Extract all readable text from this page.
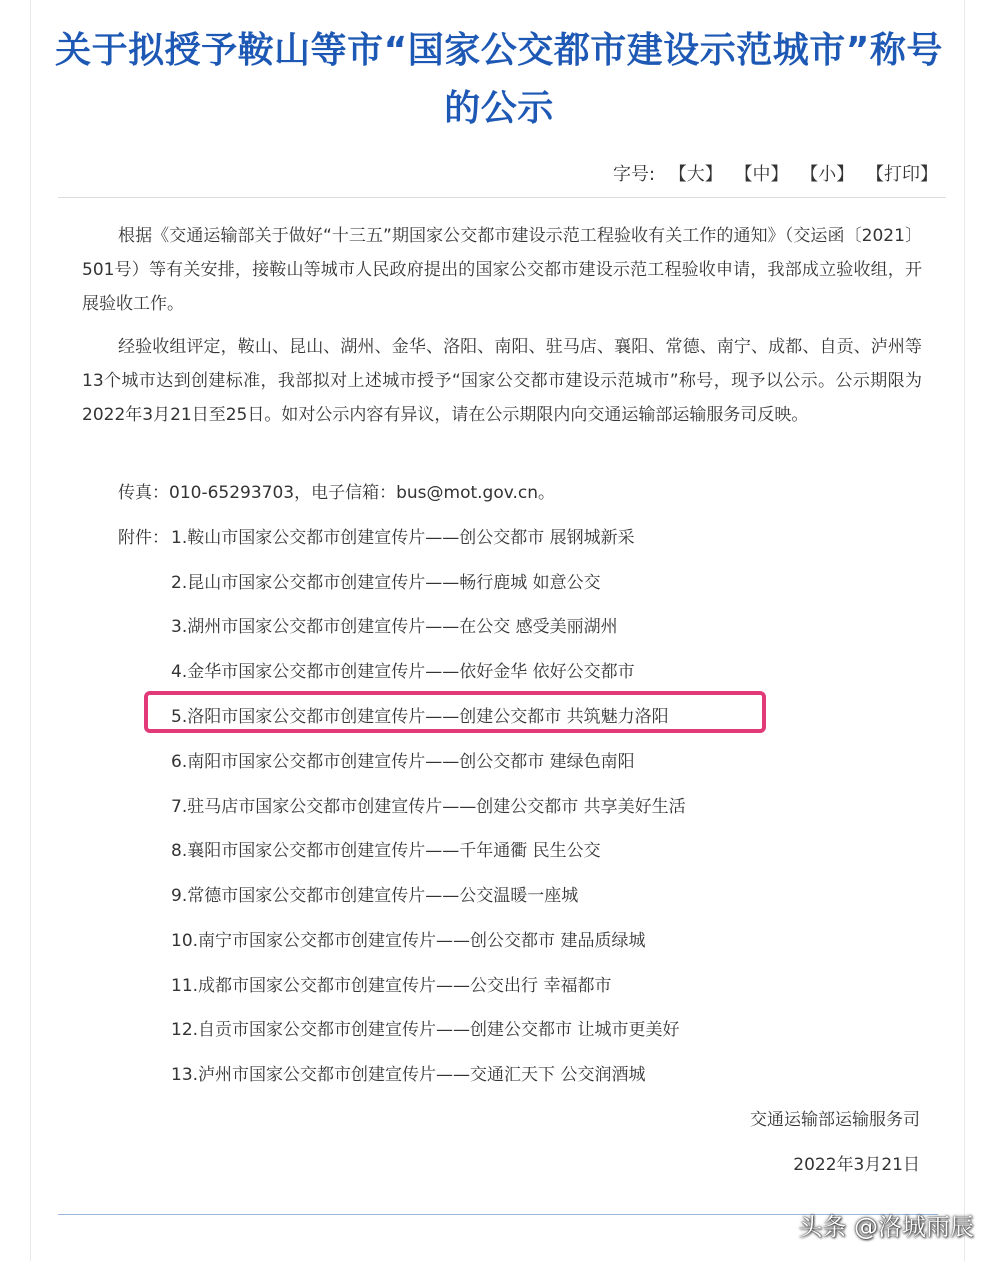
关于拟授予鞍山等市“国家公交都市建设示范城市”称号的公示
字号: 【大】 【中】 【小】 【打印】

根据《交通运输部关于做好“十三五”期国家公交都市建设示范工程验收有关工作的通知》（交运函〔2021〕501号）等有关安排，接鞍山等城市人民政府提出的国家公交都市建设示范工程验收申请，我部成立验收组，开展验收工作。

经验收组评定，鞍山、昆山、湖州、金华、洛阳、南阳、驻马店、襄阳、常德、南宁、成都、自贡、泸州等13个城市达到创建标准，我部拟对上述城市授予“国家公交都市建设示范城市”称号，现予以公示。公示期限为2022年3月21日至25日。如对公示内容有异议，请在公示期限内向交通运输部运输服务司反映。

传真：010-65293703，电子信箱：bus@mot.gov.cn。
附件： 1.鞍山市国家公交都市创建宣传片——创公交都市 展钢城新采
2.昆山市国家公交都市创建宣传片——畅行鹿城 如意公交
3.湖州市国家公交都市创建宣传片——在公交 感受美丽湖州
4.金华市国家公交都市创建宣传片——依好金华 依好公交都市
5.洛阳市国家公交都市创建宣传片——创建公交都市 共筑魅力洛阳
6.南阳市国家公交都市创建宣传片——创公交都市 建绿色南阳
7.驻马店市国家公交都市创建宣传片——创建公交都市 共享美好生活
8.襄阳市国家公交都市创建宣传片——千年通衢 民生公交
9.常德市国家公交都市创建宣传片——公交温暖一座城
10.南宁市国家公交都市创建宣传片——创公交都市 建品质绿城
11.成都市国家公交都市创建宣传片——公交出行 幸福都市
12.自贡市国家公交都市创建宣传片——创建公交都市 让城市更美好
13.泸州市国家公交都市创建宣传片——交通汇天下 公交润酒城
交通运输部运输服务司
2022年3月21日
头条 @洛城雨辰
